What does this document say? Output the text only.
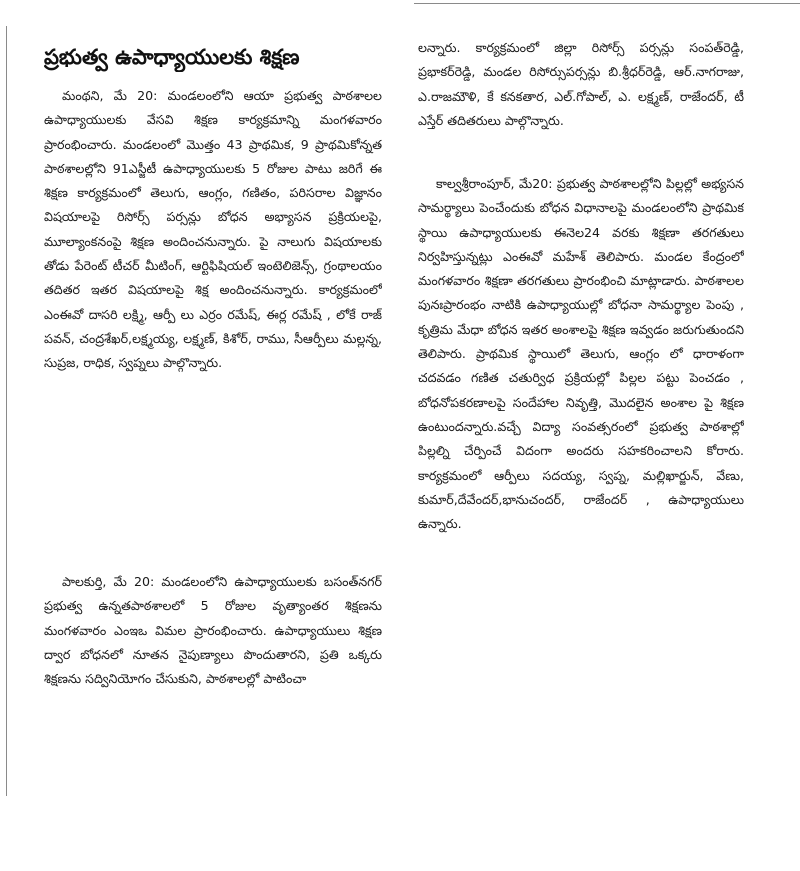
ప్రభుత్వ ఉపాధ్యాయులకు శిక్షణ

మంథని, మే 20: మండలంలోని ఆయా ప్రభుత్వ పాఠశాలల ఉపాధ్యాయులకు వేసవి శిక్షణ కార్యక్రమాన్ని మంగళవారం ప్రారంభించారు. మండలంలో మొత్తం 43 ప్రాథమిక, 9 ప్రాథమికోన్నత పాఠశాలల్లోని 91ఎస్జీటీ ఉపాధ్యాయులకు 5 రోజుల పాటు జరిగే ఈ శిక్షణ కార్యక్రమంలో తెలుగు, ఆంగ్లం, గణితం, పరిసరాల విజ్ఞానం విషయాలపై రిసోర్స్ పర్సన్లు బోధన అభ్యాసన ప్రక్రియలపై, మూల్యాంకనంపై శిక్షణ అందించనున్నారు. పై నాలుగు విషయాలకు తోడు పేరెంట్ టీచర్ మీటింగ్, ఆర్టిఫిషియల్ ఇంటెలిజెన్స్, గ్రంథాలయం తదితర ఇతర విషయాలపై శిక్ష అందించనున్నారు. కార్యక్రమంలో ఎంఈవో దాసరి లక్ష్మి, ఆర్పీ లు ఎర్రం రమేష్, ఈర్ల రమేష్ , లోకే రాజ్ పవన్, చంద్రశేఖర్,లక్ష్మయ్య, లక్ష్మణ్, కిశోర్, రాము, సీఆర్పీలు మల్లన్న, సుప్రజ, రాధిక, స్వప్నలు పాల్గొన్నారు.

పాలకుర్తి, మే 20: మండలంలోని ఉపాధ్యాయులకు బసంత్‌నగర్ ప్రభుత్వ ఉన్నతపాఠశాలలో 5 రోజుల వృత్యాంతర శిక్షణను మంగళవారం ఎంఇఒ విమల ప్రారంభించారు. ఉపాధ్యాయులు శిక్షణ ద్వార బోధనలో నూతన నైపుణ్యాలు పొందుతారని, ప్రతి ఒక్కరు శిక్షణను సద్వినియోగం చేసుకుని, పాఠశాలల్లో పాటించా

లన్నారు. కార్యక్రమంలో జిల్లా రిసోర్స్ పర్సన్లు సంపత్‌రెడ్డి, ప్రభాకర్‌రెడ్డి, మండల రిసోర్సుపర్సన్లు బి.శ్రీధర్‌రెడ్డి, ఆర్.నాగరాజు, ఎ.రాజమౌళి, కే కనకతార, ఎల్.గోపాల్, ఎ. లక్ష్మణ్, రాజేందర్, టీ ఎస్తేర్ తదితరులు పాల్గొన్నారు.

కాల్వశ్రీరాంపూర్, మే20: ప్రభుత్వ పాఠశాలల్లోని పిల్లల్లో అభ్యసన సామర్థ్యాలు పెంచేందుకు బోధన విధానాలపై మండలంలోని ప్రాథమిక స్థాయి ఉపాధ్యాయులకు ఈనెల24 వరకు శిక్షణా తరగతులు నిర్వహిస్తున్నట్లు ఎంఈవో మహేశ్ తెలిపారు. మండల కేంద్రంలో మంగళవారం శిక్షణా తరగతులు ప్రారంభించి మాట్లాడారు. పాఠశాలల పునఃప్రారంభం నాటికి ఉపాధ్యాయుల్లో బోధనా సామర్థ్యాల పెంపు , కృత్రిమ మేధా బోధన ఇతర అంశాలపై శిక్షణ ఇవ్వడం జరుగుతుందని తెలిపారు. ప్రాథమిక స్థాయిలో తెలుగు, ఆంగ్లం లో ధారాళంగా చదవడం గణిత చతుర్విధ ప్రక్రియల్లో పిల్లల పట్టు పెంచడం , బోధనోపకరణాలపై సందేహాల నివృత్తి, మొదలైన అంశాల పై శిక్షణ ఉంటుందన్నారు.వచ్చే విద్యా సంవత్సరంలో ప్రభుత్వ పాఠశాల్లో పిల్లల్ని చేర్పించే విదంగా అందరు సహకరించాలని కోరారు. కార్యక్రమంలో ఆర్పీలు సదయ్య, స్వప్న, మల్లిఖార్జున్, వేణు, కుమార్,దేవేందర్,భానుచందర్, రాజేందర్ , ఉపాధ్యాయులు ఉన్నారు.
